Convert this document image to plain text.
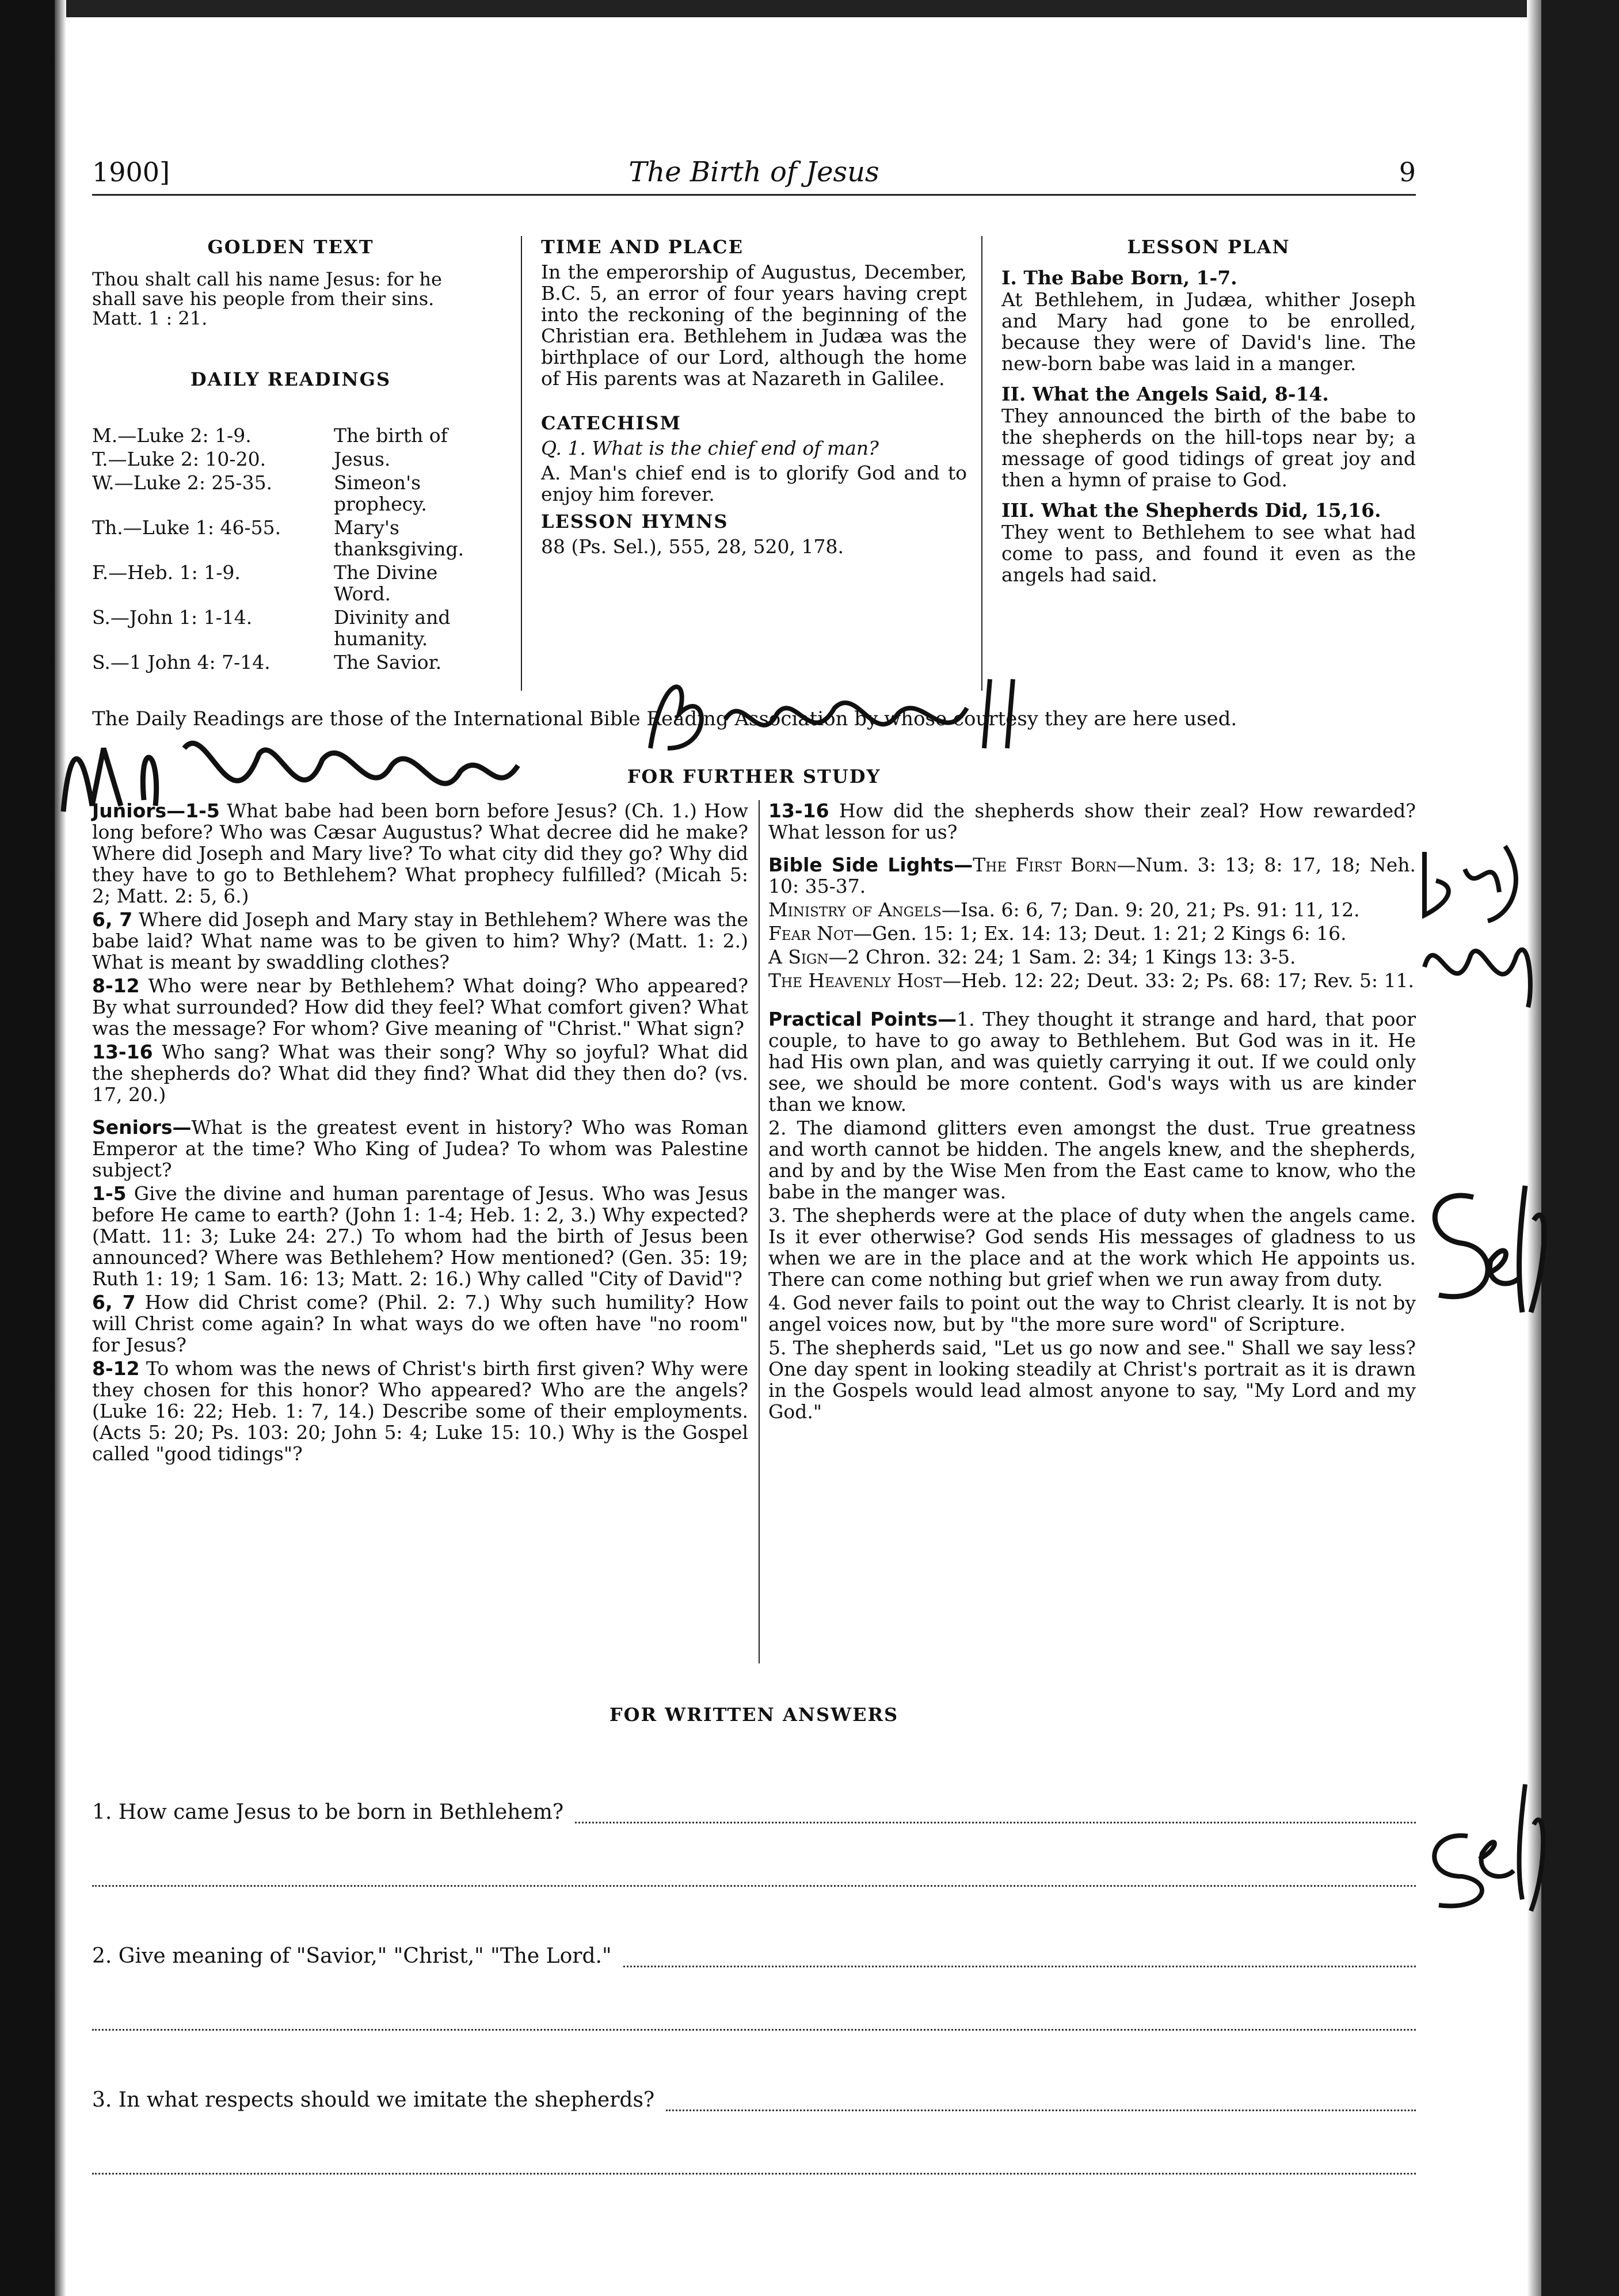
1900]	The Birth of Jesus	9
GOLDEN TEXT
Thou shalt call his name Jesus: for he shall save his people from their sins. Matt. 1 : 21.
DAILY READINGS
M.—Luke 2: 1-9.	The birth of
T.—Luke 2: 10-20.	Jesus.
W.—Luke 2: 25-35.	Simeon's prophecy.
Th.—Luke 1: 46-55.	Mary's thanksgiving.
F.—Heb. 1: 1-9.	The Divine Word.
S.—John 1: 1-14.	Divinity and humanity.
S.—1 John 4: 7-14.	The Savior.
TIME AND PLACE

In the emperorship of Augustus, December, B.C. 5, an error of four years having crept into the reckoning of the beginning of the Christian era. Bethlehem in Judæa was the birthplace of our Lord, although the home of His parents was at Nazareth in Galilee.

CATECHISM

Q. 1. What is the chief end of man?

A. Man's chief end is to glorify God and to enjoy him forever.

LESSON HYMNS

88 (Ps. Sel.), 555, 28, 520, 178.

LESSON PLAN
I. The Babe Born, 1-7.

At Bethlehem, in Judæa, whither Joseph and Mary had gone to be enrolled, because they were of David's line. The new-born babe was laid in a manger.

II. What the Angels Said, 8-14.

They announced the birth of the babe to the shepherds on the hill-tops near by; a message of good tidings of great joy and then a hymn of praise to God.

III. What the Shepherds Did, 15,16.

They went to Bethlehem to see what had come to pass, and found it even as the angels had said.

The Daily Readings are those of the International Bible Reading Association by whose courtesy they are here used.
FOR FURTHER STUDY

Juniors—1-5 What babe had been born before Jesus? (Ch. 1.) How long before? Who was Cæsar Augustus? What decree did he make? Where did Joseph and Mary live? To what city did they go? Why did they have to go to Bethlehem? What prophecy fulfilled? (Micah 5: 2; Matt. 2: 5, 6.)

6, 7 Where did Joseph and Mary stay in Bethlehem? Where was the babe laid? What name was to be given to him? Why? (Matt. 1: 2.) What is meant by swaddling clothes?

8-12 Who were near by Bethlehem? What doing? Who appeared? By what surrounded? How did they feel? What comfort given? What was the message? For whom? Give meaning of "Christ." What sign?

13-16 Who sang? What was their song? Why so joyful? What did the shepherds do? What did they find? What did they then do? (vs. 17, 20.)

Seniors—What is the greatest event in history? Who was Roman Emperor at the time? Who King of Judea? To whom was Palestine subject?

1-5 Give the divine and human parentage of Jesus. Who was Jesus before He came to earth? (John 1: 1-4; Heb. 1: 2, 3.) Why expected? (Matt. 11: 3; Luke 24: 27.) To whom had the birth of Jesus been announced? Where was Bethlehem? How mentioned? (Gen. 35: 19; Ruth 1: 19; 1 Sam. 16: 13; Matt. 2: 16.) Why called "City of David"?

6, 7 How did Christ come? (Phil. 2: 7.) Why such humility? How will Christ come again? In what ways do we often have "no room" for Jesus?

8-12 To whom was the news of Christ's birth first given? Why were they chosen for this honor? Who appeared? Who are the angels? (Luke 16: 22; Heb. 1: 7, 14.) Describe some of their employments. (Acts 5: 20; Ps. 103: 20; John 5: 4; Luke 15: 10.) Why is the Gospel called "good tidings"?

13-16 How did the shepherds show their zeal? How rewarded? What lesson for us?

Bible Side Lights—The First Born—Num. 3: 13; 8: 17, 18; Neh. 10: 35-37.

Ministry of Angels—Isa. 6: 6, 7; Dan. 9: 20, 21; Ps. 91: 11, 12.

Fear Not—Gen. 15: 1; Ex. 14: 13; Deut. 1: 21; 2 Kings 6: 16.

A Sign—2 Chron. 32: 24; 1 Sam. 2: 34; 1 Kings 13: 3-5.

The Heavenly Host—Heb. 12: 22; Deut. 33: 2; Ps. 68: 17; Rev. 5: 11.

Practical Points—1. They thought it strange and hard, that poor couple, to have to go away to Bethlehem. But God was in it. He had His own plan, and was quietly carrying it out. If we could only see, we should be more content. God's ways with us are kinder than we know.

2. The diamond glitters even amongst the dust. True greatness and worth cannot be hidden. The angels knew, and the shepherds, and by and by the Wise Men from the East came to know, who the babe in the manger was.

3. The shepherds were at the place of duty when the angels came. Is it ever otherwise? God sends His messages of gladness to us when we are in the place and at the work which He appoints us. There can come nothing but grief when we run away from duty.

4. God never fails to point out the way to Christ clearly. It is not by angel voices now, but by "the more sure word" of Scripture.

5. The shepherds said, "Let us go now and see." Shall we say less? One day spent in looking steadily at Christ's portrait as it is drawn in the Gospels would lead almost anyone to say, "My Lord and my God."

FOR WRITTEN ANSWERS
1. How came Jesus to be born in Bethlehem?
2. Give meaning of "Savior," "Christ," "The Lord."
3. In what respects should we imitate the shepherds?
